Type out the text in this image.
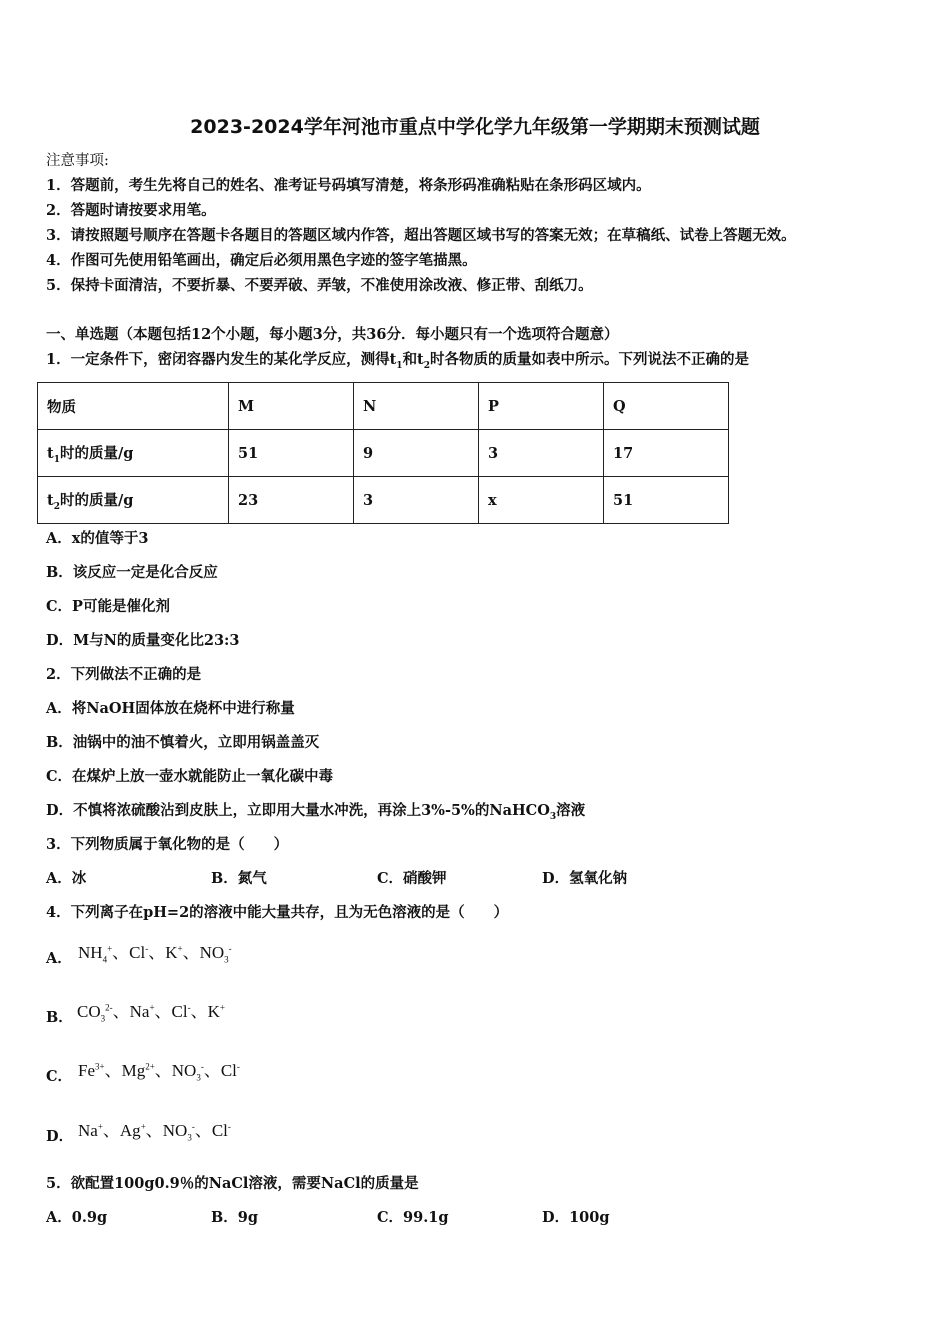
2023-2024学年河池市重点中学化学九年级第一学期期末预测试题
注意事项:
1．答题前，考生先将自己的姓名、准考证号码填写清楚，将条形码准确粘贴在条形码区域内。
2．答题时请按要求用笔。
3．请按照题号顺序在答题卡各题目的答题区域内作答，超出答题区域书写的答案无效；在草稿纸、试卷上答题无效。
4．作图可先使用铅笔画出，确定后必须用黑色字迹的签字笔描黑。
5．保持卡面清洁，不要折暴、不要弄破、弄皱，不准使用涂改液、修正带、刮纸刀。
一、单选题（本题包括12个小题，每小题3分，共36分．每小题只有一个选项符合题意）
1．一定条件下，密闭容器内发生的某化学反应，测得$t_1$和$t_2$时各物质的质量如表中所示。下列说法不正确的是
物质	M	N	P	Q
$t_1$时的质量/g	51	9	3	17
$t_2$时的质量/g	23	3	x	51
A．x的值等于3
B．该反应一定是化合反应
C．P可能是催化剂
D．M与N的质量变化比23:3
2．下列做法不正确的是
A．将NaOH固体放在烧杯中进行称量
B．油锅中的油不慎着火，立即用锅盖盖灭
C．在煤炉上放一壶水就能防止一氧化碳中毒
D．不慎将浓硫酸沾到皮肤上，立即用大量水冲洗，再涂上3%-5%的NaHCO$_3$溶液
3．下列物质属于氧化物的是（　　）
A．冰	B．氮气	C．硝酸钾	D．氢氧化钠
4．下列离子在pH=2的溶液中能大量共存，且为无色溶液的是（　　）
A． $NH_4^+$、Cl-、K+、$NO_3^-$
B． $CO_3^{2-}$、Na+、Cl-、K+
C． $Fe^{3+}$、$Mg^{2+}$、$NO_3^-$、Cl-
D． Na+、Ag+、$NO_3^-$、Cl-
5．欲配置100g0.9％的NaCl溶液，需要NaCl的质量是
A．0.9g	B．9g	C．99.1g	D．100g
